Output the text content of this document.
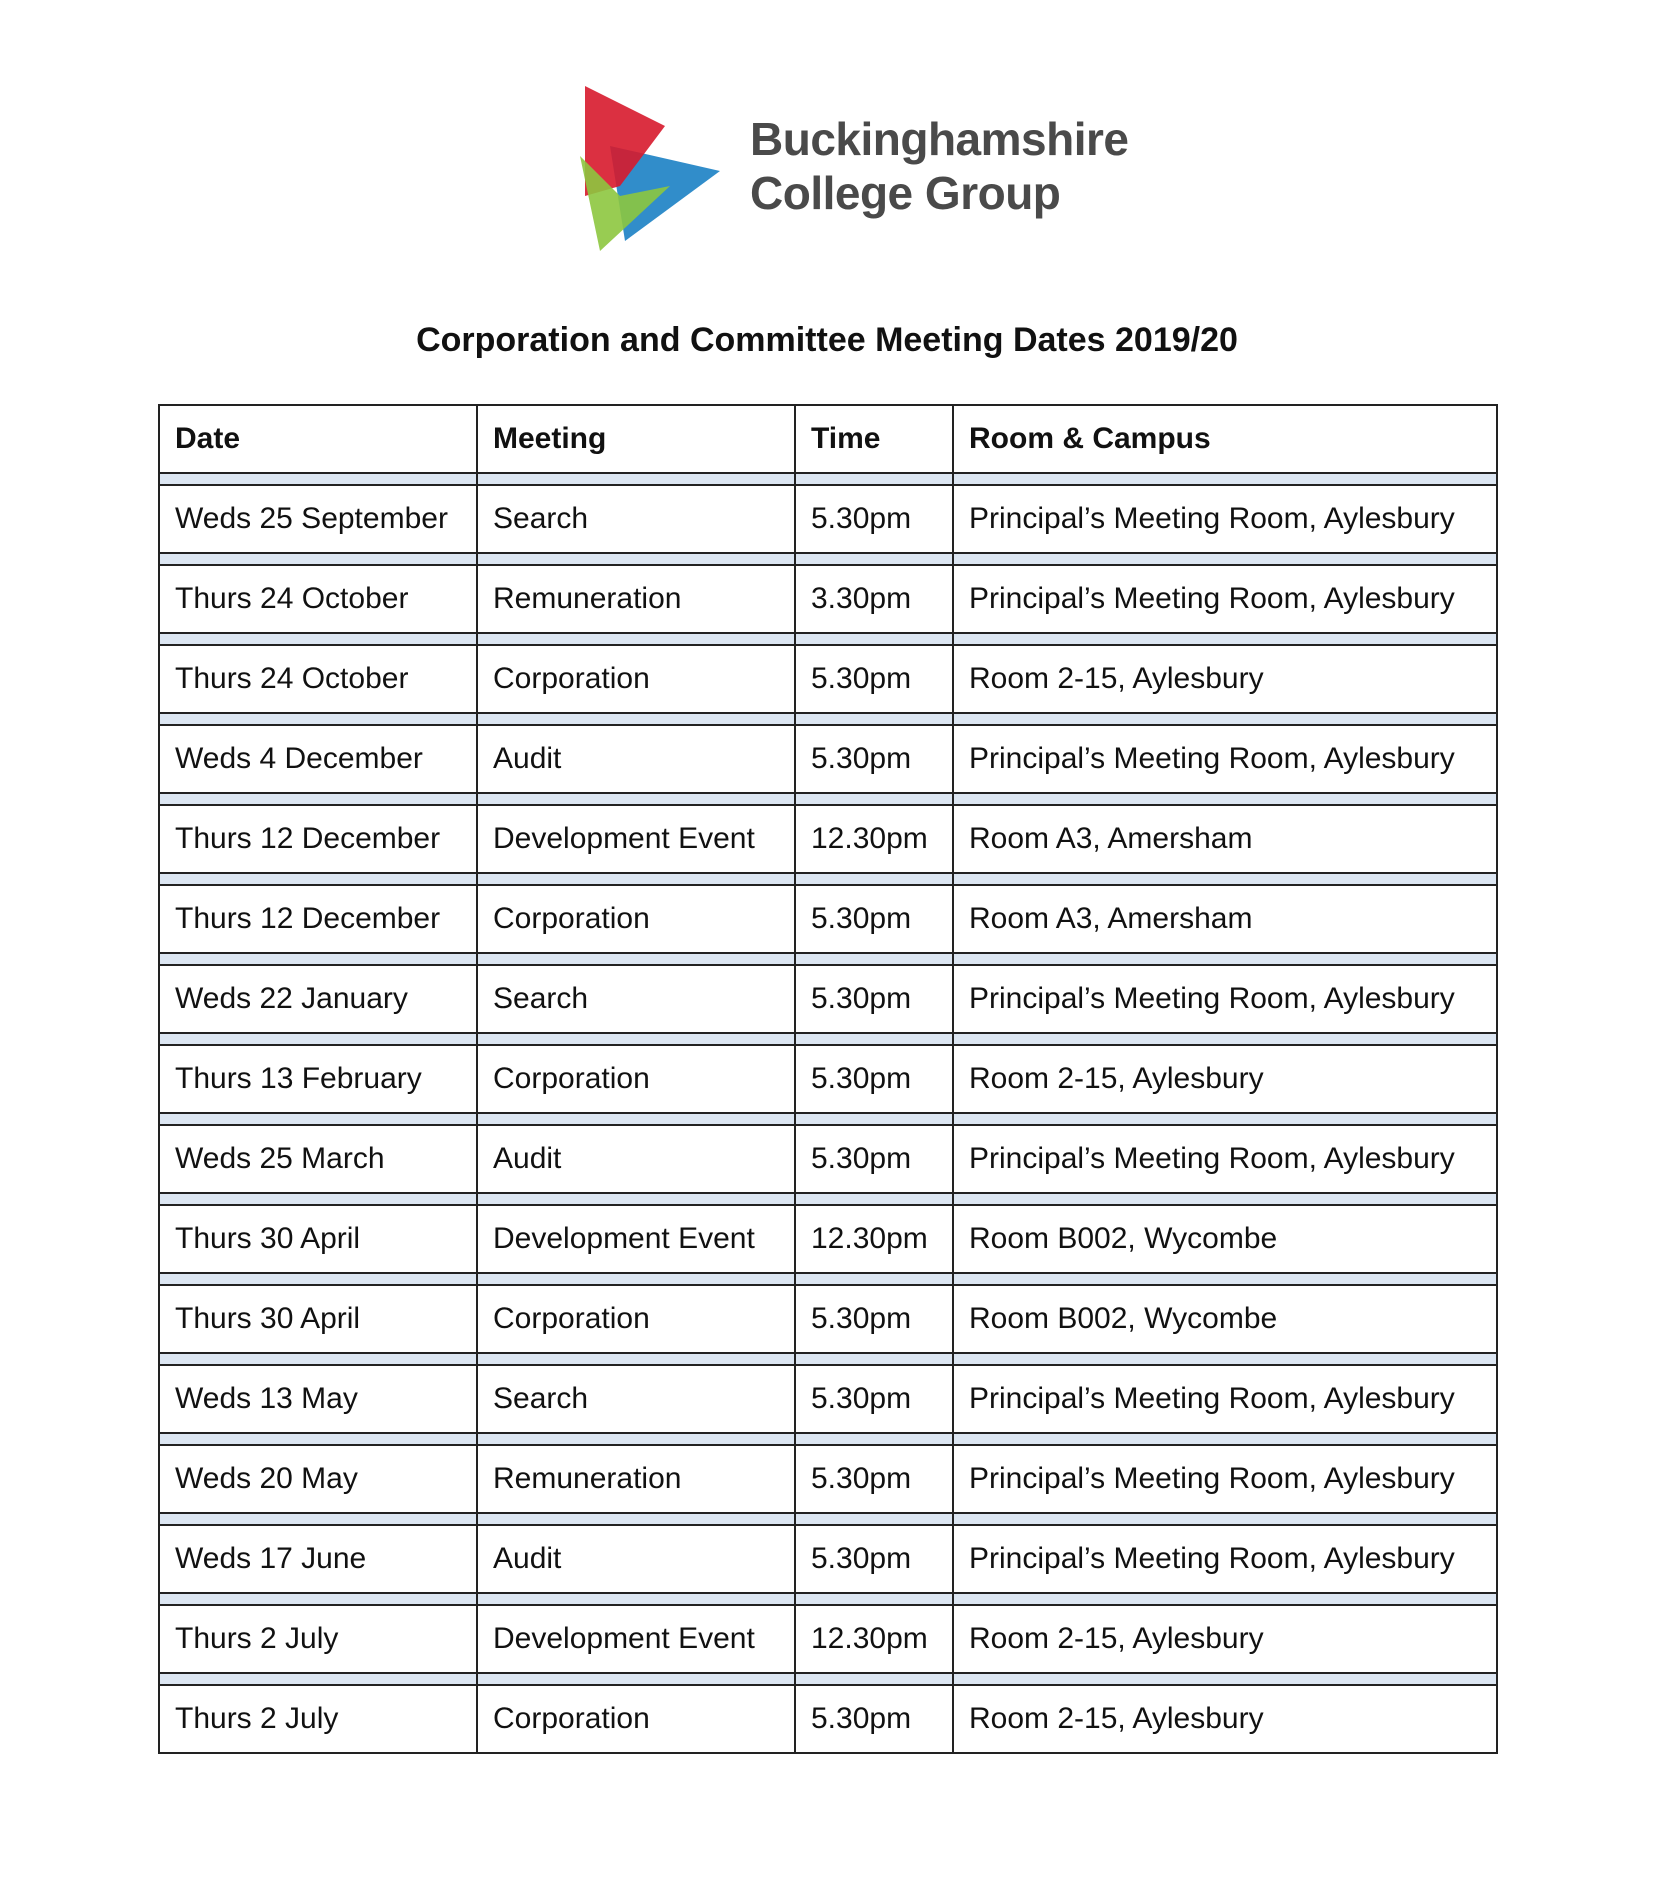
Buckinghamshire
College Group
Corporation and Committee Meeting Dates 2019/20
Date	Meeting	Time	Room & Campus

Weds 25 September	Search	5.30pm	Principal’s Meeting Room, Aylesbury

Thurs 24 October	Remuneration	3.30pm	Principal’s Meeting Room, Aylesbury

Thurs 24 October	Corporation	5.30pm	Room 2-15, Aylesbury

Weds 4 December	Audit	5.30pm	Principal’s Meeting Room, Aylesbury

Thurs 12 December	Development Event	12.30pm	Room A3, Amersham

Thurs 12 December	Corporation	5.30pm	Room A3, Amersham

Weds 22 January	Search	5.30pm	Principal’s Meeting Room, Aylesbury

Thurs 13 February	Corporation	5.30pm	Room 2-15, Aylesbury

Weds 25 March	Audit	5.30pm	Principal’s Meeting Room, Aylesbury

Thurs 30 April	Development Event	12.30pm	Room B002, Wycombe

Thurs 30 April	Corporation	5.30pm	Room B002, Wycombe

Weds 13 May	Search	5.30pm	Principal’s Meeting Room, Aylesbury

Weds 20 May	Remuneration	5.30pm	Principal’s Meeting Room, Aylesbury

Weds 17 June	Audit	5.30pm	Principal’s Meeting Room, Aylesbury

Thurs 2 July	Development Event	12.30pm	Room 2-15, Aylesbury

Thurs 2 July	Corporation	5.30pm	Room 2-15, Aylesbury
